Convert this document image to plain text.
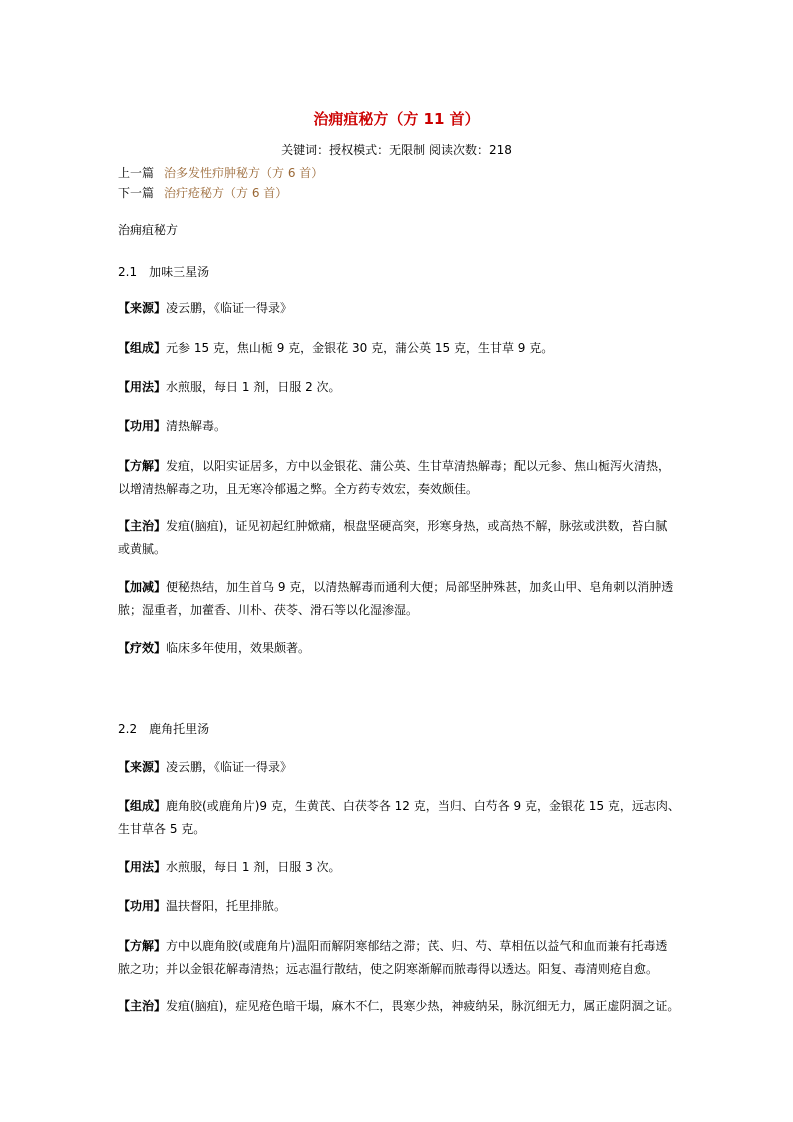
治痈疽秘方（方 11 首）
关键词：授权模式：无限制 阅读次数：218
上一篇 治多发性疖肿秘方（方 6 首）
下一篇 治疔疮秘方（方 6 首）
治痈疽秘方
2.1　加味三星汤
【来源】凌云鹏，《临证一得录》
【组成】元参 15 克，焦山栀 9 克，金银花 30 克，蒲公英 15 克，生甘草 9 克。
【用法】水煎服，每日 1 剂，日服 2 次。
【功用】清热解毒。
【方解】发疽，以阳实证居多，方中以金银花、蒲公英、生甘草清热解毒；配以元参、焦山栀泻火清热，
以增清热解毒之功，且无寒冷郁遏之弊。全方药专效宏，奏效颇佳。
【主治】发疽(脑疽)，证见初起红肿焮痛，根盘坚硬高突，形寒身热，或高热不解，脉弦或洪数，苔白腻
或黄腻。
【加减】便秘热结，加生首乌 9 克，以清热解毒而通利大便；局部坚肿殊甚，加炙山甲、皂角刺以消肿透
脓；湿重者，加藿香、川朴、茯苓、滑石等以化湿渗湿。
【疗效】临床多年使用，效果颇著。
2.2　鹿角托里汤
【来源】凌云鹏，《临证一得录》
【组成】鹿角胶(或鹿角片)9 克，生黄芪、白茯苓各 12 克，当归、白芍各 9 克，金银花 15 克，远志肉、
生甘草各 5 克。
【用法】水煎服，每日 1 剂，日服 3 次。
【功用】温扶督阳，托里排脓。
【方解】方中以鹿角胶(或鹿角片)温阳而解阴寒郁结之滞；芪、归、芍、草相伍以益气和血而兼有托毒透
脓之功；并以金银花解毒清热；远志温行散结，使之阴寒渐解而脓毒得以透达。阳复、毒清则疮自愈。
【主治】发疽(脑疽)，症见疮色暗干塌，麻木不仁，畏寒少热，神疲纳呆，脉沉细无力，属正虚阴涸之证。
